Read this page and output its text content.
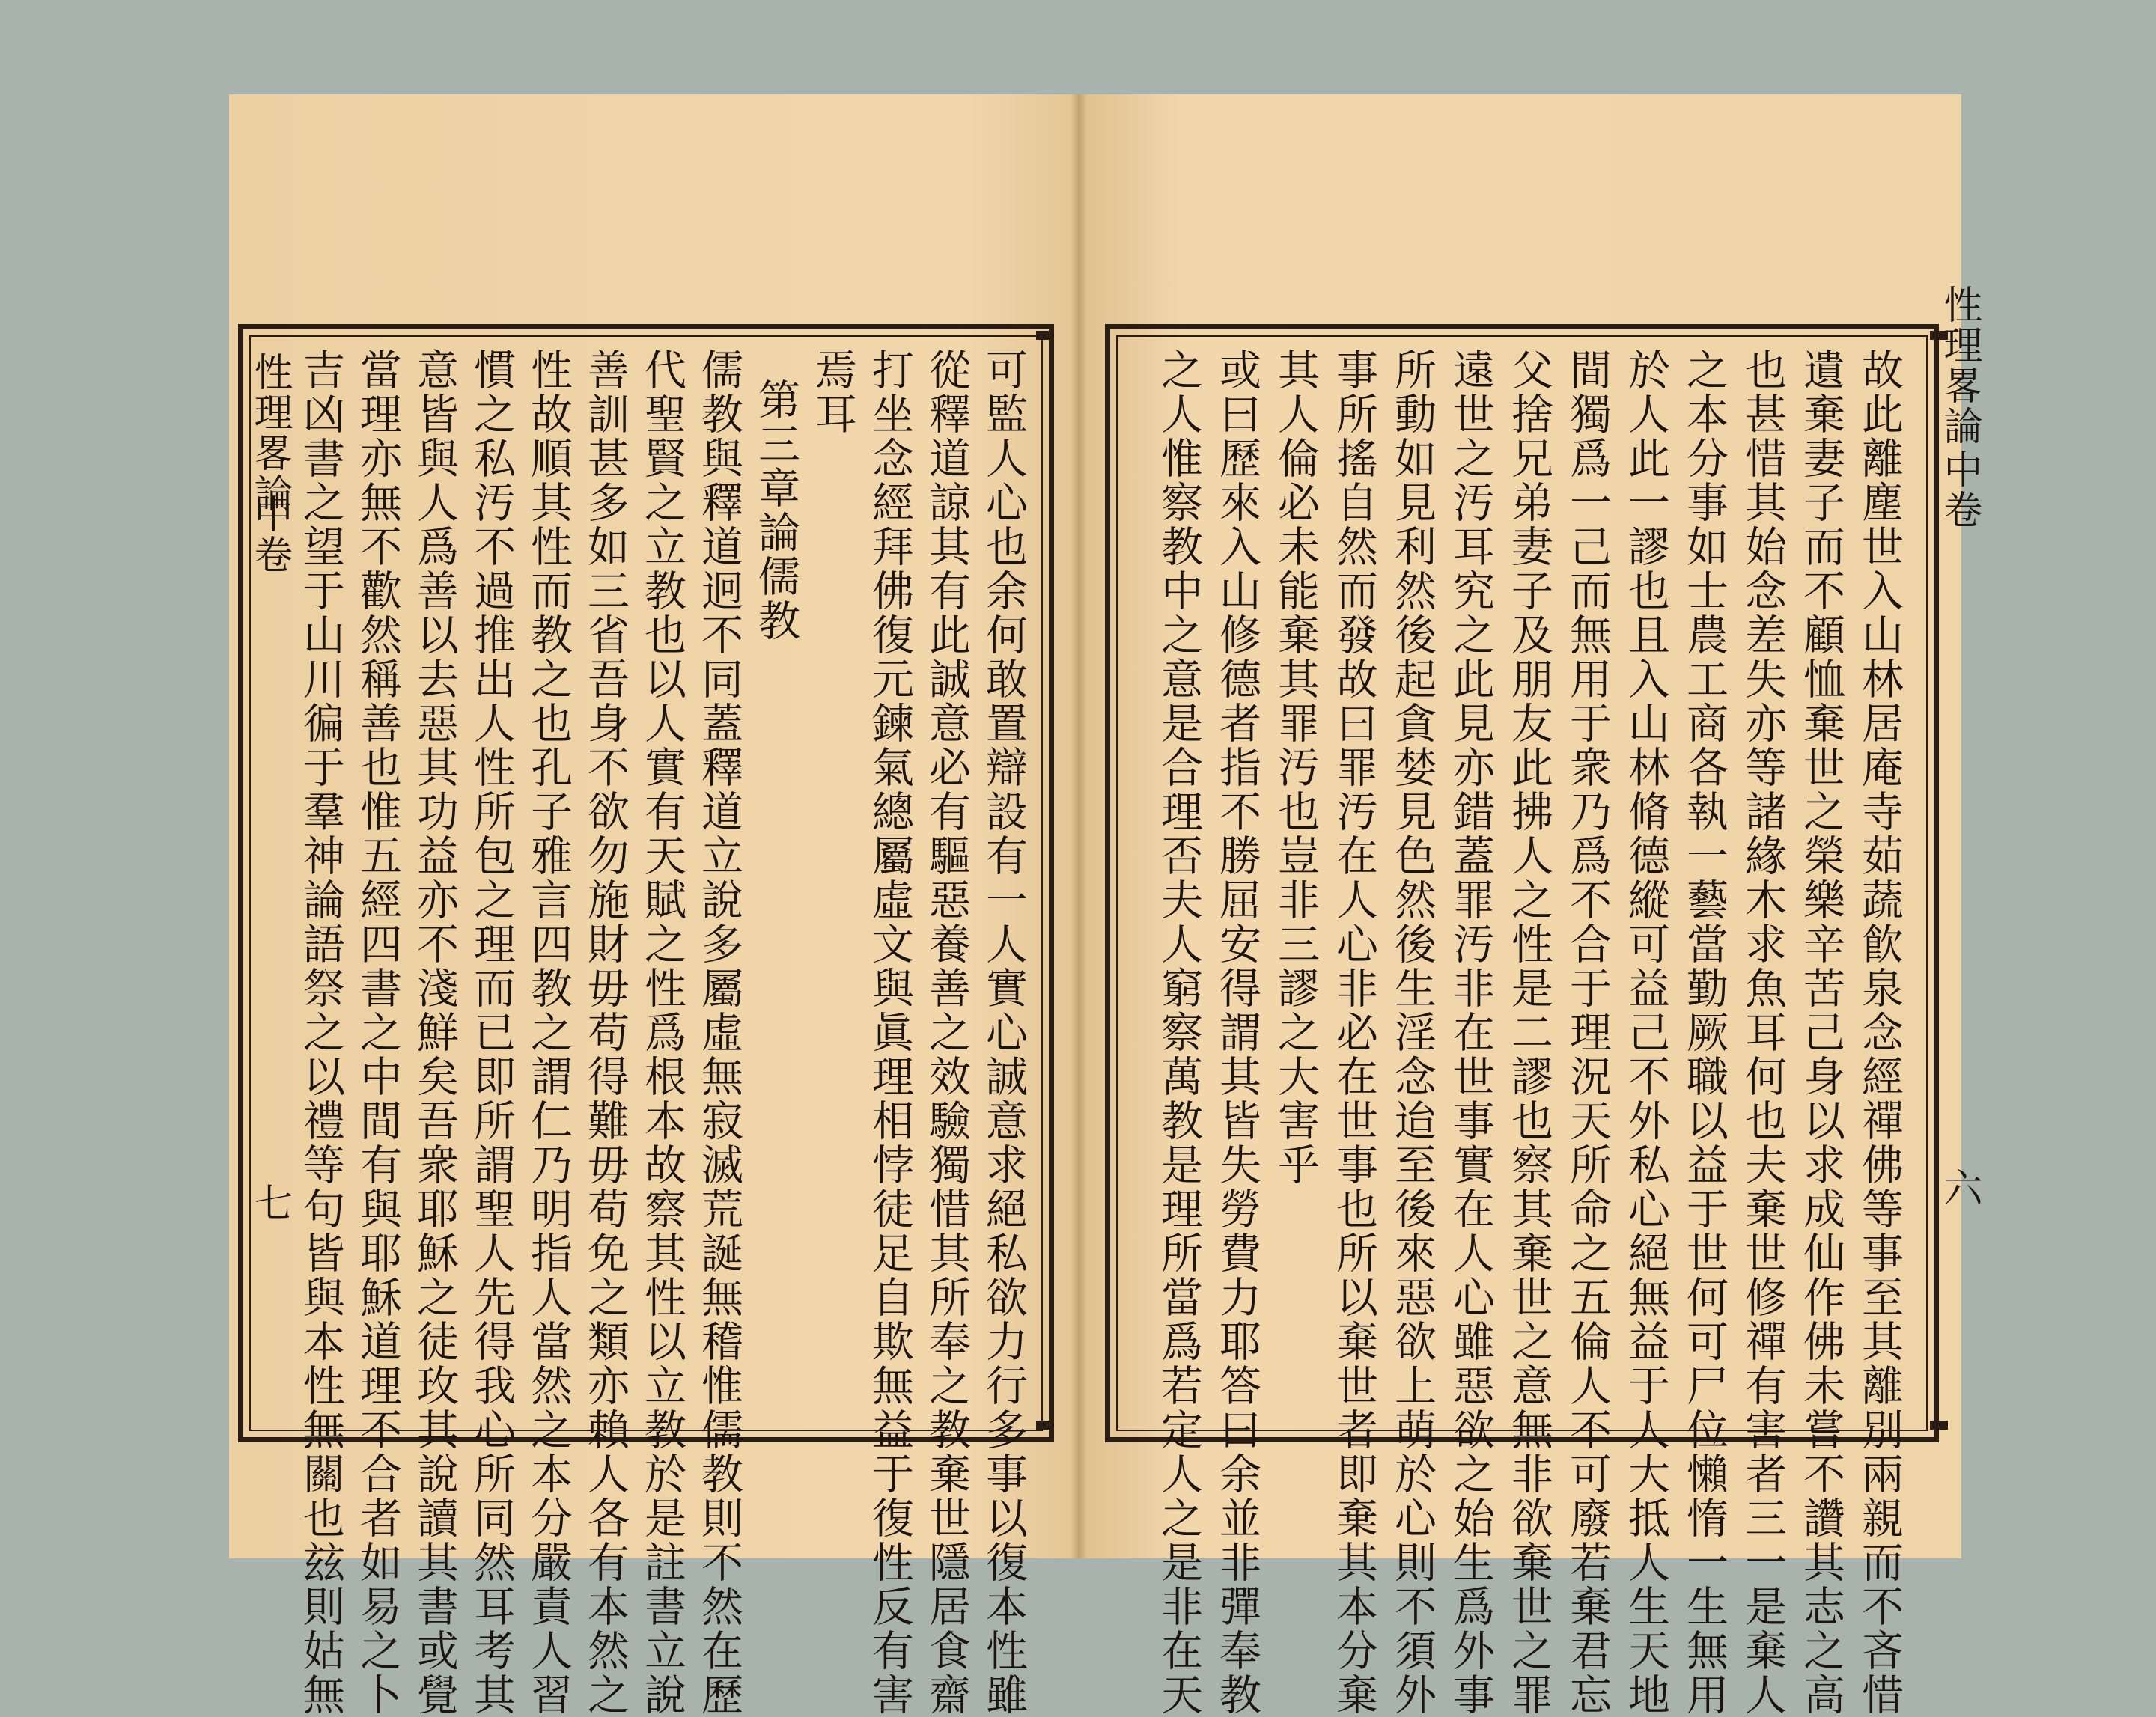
性理畧論
中卷
七	可監人心也余何敢置辯設有一人實心誠意求絕私欲力行多事以復本性雖
從釋道諒其有此誠意必有驅惡養善之效驗獨惜其所奉之教棄世隱居食齋
打坐念經拜佛復元鍊氣總屬虛文與眞理相悖徒足自欺無益于復性反有害
焉耳
第三章論儒教
儒教與釋道迥不同蓋釋道立說多屬虛無寂滅荒誕無稽惟儒教則不然在歷
代聖賢之立教也以人實有天賦之性爲根本故察其性以立教於是註書立說
善訓甚多如三省吾身不欲勿施財毋苟得難毋苟免之類亦賴人各有本然之
性故順其性而教之也孔子雅言四教之謂仁乃明指人當然之本分嚴責人習
慣之私汚不過推出人性所包之理而已即所謂聖人先得我心所同然耳考其
意皆與人爲善以去惡其功益亦不淺鮮矣吾衆耶穌之徒玫其說讀其書或覺
當理亦無不歡然稱善也惟五經四書之中間有與耶穌道理不合者如易之卜
吉凶書之望于山川徧于羣神論語祭之以禮等句皆與本性無關也玆則姑無	性理畧論
中卷
六
故此離塵世入山林居庵寺茹蔬飮泉念經禪佛等事至其離別兩親而不吝惜
遺棄妻子而不顧恤棄世之榮樂辛苦己身以求成仙作佛未嘗不讚其志之高
也甚惜其始念差失亦等諸緣木求魚耳何也夫棄世修禪有害者三一是棄人
之本分事如士農工商各執一藝當勤厥職以益于世何可尸位懶惰一生無用
於人此一謬也且入山林脩德縱可益己不外私心絕無益于人大抵人生天地
間獨爲一己而無用于衆乃爲不合于理況天所命之五倫人不可廢若棄君忘
父捨兄弟妻子及朋友此拂人之性是二謬也察其棄世之意無非欲棄世之罪
遠世之汚耳究之此見亦錯蓋罪汚非在世事實在人心雖惡欲之始生爲外事
所動如見利然後起貪婪見色然後生淫念迨至後來惡欲上萌於心則不須外
事所搖自然而發故曰罪汚在人心非必在世事也所以棄世者即棄其本分棄
其人倫必未能棄其罪汚也豈非三謬之大害乎
或曰歷來入山修德者指不勝屈安得謂其皆失勞費力耶答曰余並非彈奉教
之人惟察教中之意是合理否夫人窮察萬教是理所當爲若定人之是非在天
